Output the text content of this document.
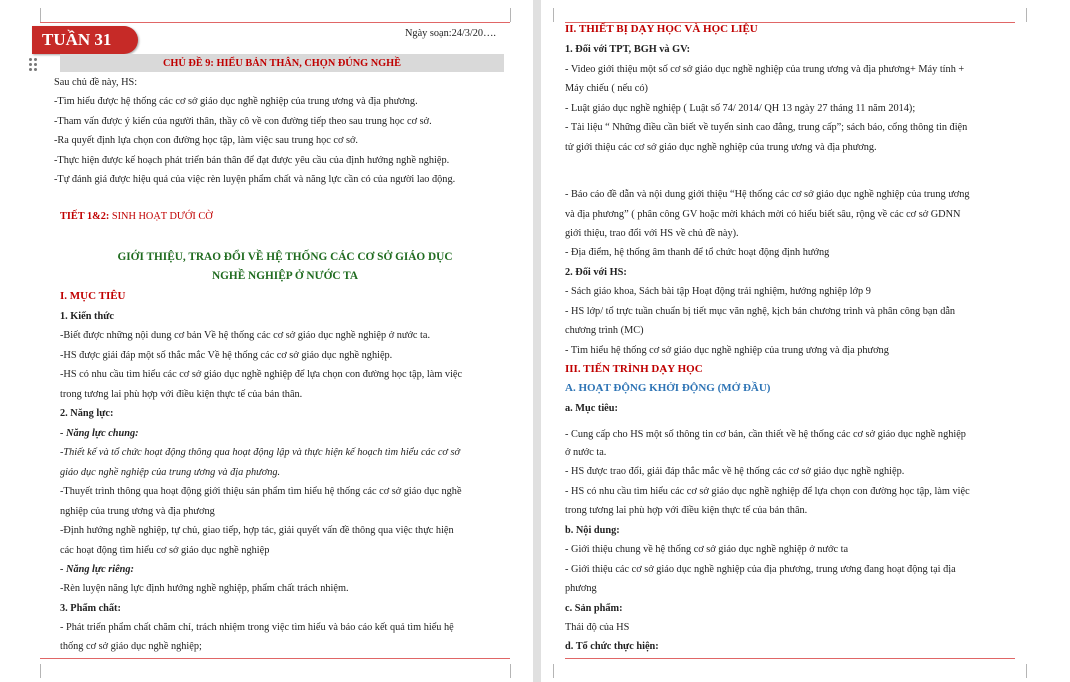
TUẦN 31	Ngày soạn:24/3/20….
CHỦ ĐỀ 9: HIỂU BẢN THÂN, CHỌN ĐÚNG NGHỀ
Sau chủ đề này, HS:
-Tìm hiểu được hệ thống các cơ sở giáo dục nghề nghiệp của trung ương và địa phương.
-Tham vấn được ý kiến của người thân, thầy cô về con đường tiếp theo sau trung học cơ sở.
-Ra quyết định lựa chọn con đường học tập, làm việc sau trung học cơ sở.
-Thực hiện được kế hoạch phát triển bản thân để đạt được yêu cầu của định hướng nghề nghiệp.
-Tự đánh giá được hiệu quả của việc rèn luyện phẩm chất và năng lực cần có của người lao động.
TIẾT 1&2: SINH HOẠT DƯỚI CỜ
GIỚI THIỆU, TRAO ĐỔI VỀ HỆ THỐNG CÁC CƠ SỞ GIÁO DỤC
NGHỀ NGHIỆP Ở NƯỚC TA
I. MỤC TIÊU
1. Kiến thức
-Biết được những nội dung cơ bản Về hệ thống các cơ sở giáo dục nghề nghiệp ở nước ta.
-HS được giải đáp một số thắc mắc Về hệ thống các cơ sở giáo dục nghề nghiệp.
-HS có nhu cầu tìm hiểu các cơ sở giáo dục nghề nghiệp để lựa chọn con đường học tập, làm việc
trong tương lai phù hợp với điều kiện thực tế của bản thân.
2. Năng lực:
- Năng lực chung:
-Thiết kế và tổ chức hoạt động thông qua hoạt động lập và thực hiện kế hoạch tìm hiểu các cơ sở
giáo dục nghề nghiệp của trung ương và địa phương.
-Thuyết trình thông qua hoạt động giới thiệu sản phẩm tìm hiểu hệ thống các cơ sở giáo dục nghề
nghiệp của trung ương và địa phương
-Định hướng nghề nghiệp, tự chủ, giao tiếp, hợp tác, giải quyết vấn đề thông qua việc thực hiện
các hoạt động tìm hiểu cơ sở giáo dục nghề nghiệp
- Năng lực riêng:
-Rèn luyện năng lực định hướng nghề nghiệp, phẩm chất trách nhiệm.
3. Phẩm chất:
- Phát triển phẩm chất chăm chỉ, trách nhiệm trong việc tìm hiểu và báo cáo kết quả tìm hiểu hệ
thống cơ sở giáo dục nghề nghiệp;
II. THIẾT BỊ DẠY HỌC VÀ HỌC LIỆU
1. Đối với TPT, BGH và GV:
- Video giới thiệu một số cơ sở giáo dục nghề nghiệp của trung ương và địa phương+ Máy tính +
Máy chiếu ( nếu có)
- Luật giáo dục nghề nghiệp ( Luật số 74/ 2014/ QH 13 ngày 27 tháng 11 năm 2014);
- Tài liệu “ Những điều cần biết về tuyển sinh cao đẳng, trung cấp”; sách báo, cổng thông tin điện
tử giới thiệu các cơ sở giáo dục nghề nghiệp của trung ương và địa phương.
- Báo cáo đề dẫn và nội dung giới thiệu “Hệ thống các cơ sở giáo dục nghề nghiệp của trung ương
và địa phương” ( phân công GV hoặc mời khách mời có hiểu biết sâu, rộng về các cơ sở GDNN
giới thiệu, trao đổi với HS về chủ đề này).
- Địa điểm, hệ thống âm thanh để tổ chức hoạt động định hướng
2. Đối với HS:
- Sách giáo khoa, Sách bài tập Hoạt động trải nghiệm, hướng nghiệp lớp 9
- HS lớp/ tổ trực tuần chuẩn bị tiết mục văn nghệ, kịch bản chương trình và phân công bạn dẫn
chương trình (MC)
- Tìm hiểu hệ thống cơ sở giáo dục nghề nghiệp của trung ương và địa phương
III. TIẾN TRÌNH DẠY HỌC
A. HOẠT ĐỘNG KHỞI ĐỘNG (MỞ ĐẦU)
a. Mục tiêu:
- Cung cấp cho HS một số thông tin cơ bản, cần thiết về hệ thống các cơ sở giáo dục nghề nghiệp
ở nước ta.
- HS được trao đổi, giải đáp thắc mắc về hệ thống các cơ sở giáo dục nghề nghiệp.
- HS có nhu cầu tìm hiểu các cơ sở giáo dục nghề nghiệp để lựa chọn con đường học tập, làm việc
trong tương lai phù hợp với điều kiện thực tế của bản thân.
b. Nội dung:
- Giới thiệu chung về hệ thống cơ sở giáo dục nghề nghiệp ở nước ta
- Giới thiệu các cơ sở giáo dục nghề nghiệp của địa phương, trung ương đang hoạt động tại địa
phương
c. Sản phẩm:
Thái độ của HS
d. Tổ chức thực hiện:
